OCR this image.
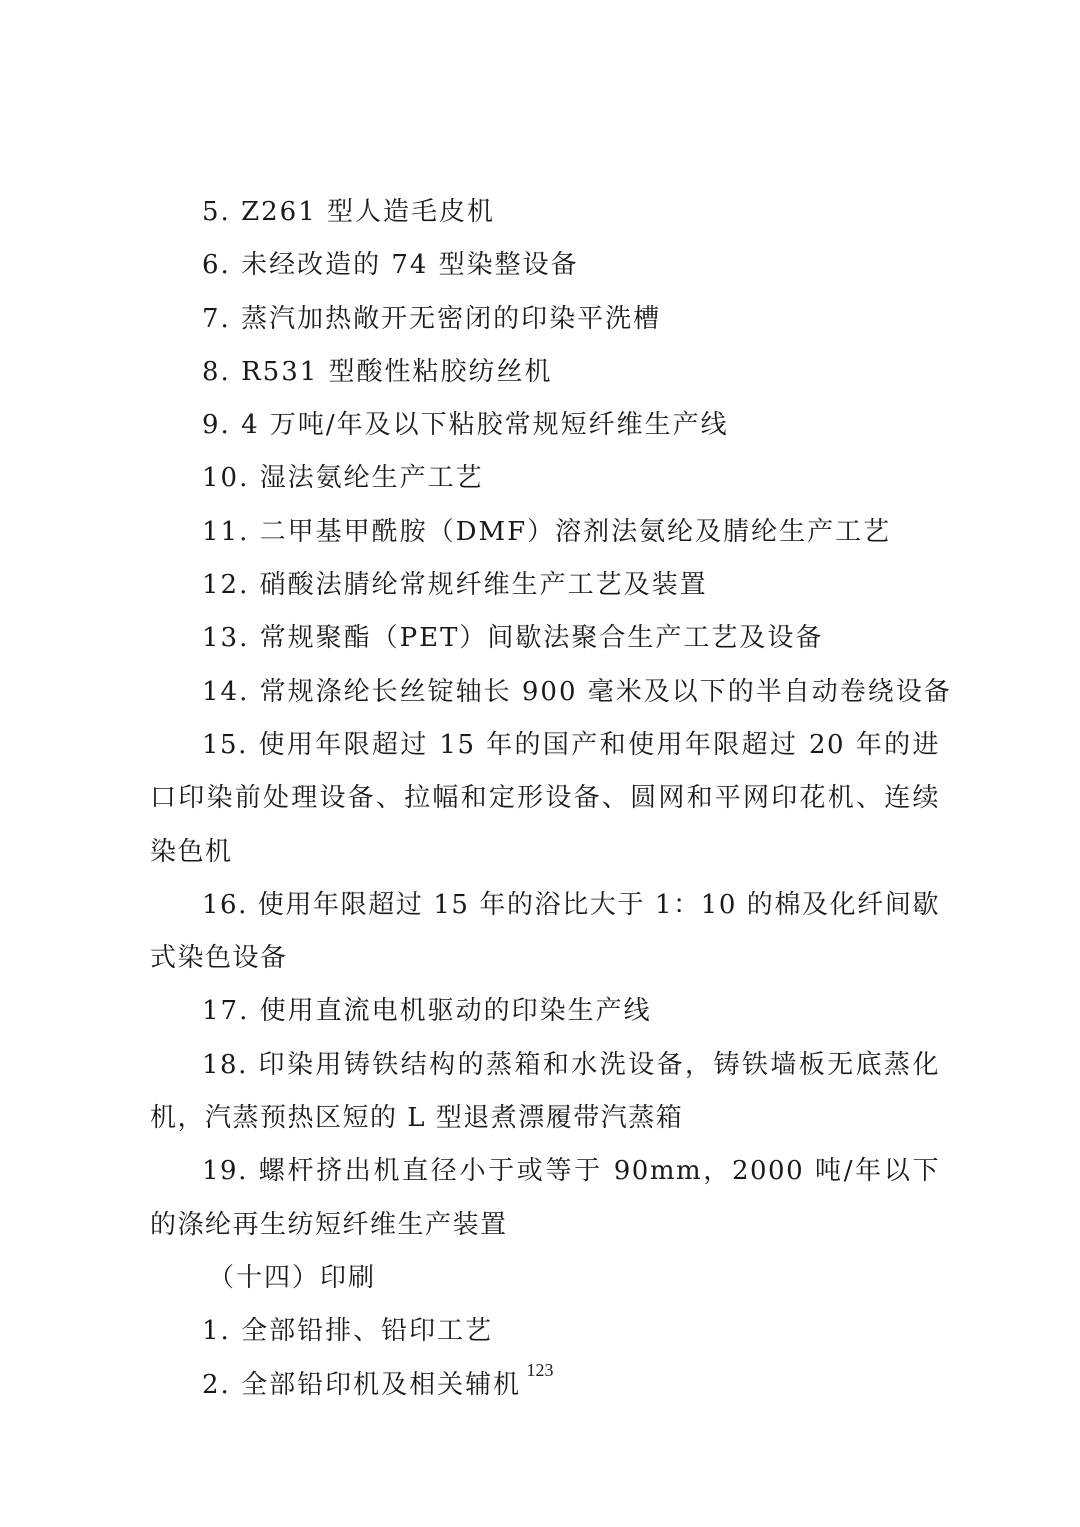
5. Z261 型人造毛皮机
6. 未经改造的 74 型染整设备
7. 蒸汽加热敞开无密闭的印染平洗槽
8. R531 型酸性粘胶纺丝机
9. 4 万吨/年及以下粘胶常规短纤维生产线
10. 湿法氨纶生产工艺
11. 二甲基甲酰胺（DMF）溶剂法氨纶及腈纶生产工艺
12. 硝酸法腈纶常规纤维生产工艺及装置
13. 常规聚酯（PET）间歇法聚合生产工艺及设备
14. 常规涤纶长丝锭轴长 900 毫米及以下的半自动卷绕设备
15. 使用年限超过 15 年的国产和使用年限超过 20 年的进口印染前处理设备、拉幅和定形设备、圆网和平网印花机、连续染色机
16. 使用年限超过 15 年的浴比大于 1：10 的棉及化纤间歇式染色设备
17. 使用直流电机驱动的印染生产线
18. 印染用铸铁结构的蒸箱和水洗设备，铸铁墙板无底蒸化机，汽蒸预热区短的 L 型退煮漂履带汽蒸箱
19. 螺杆挤出机直径小于或等于 90mm，2000 吨/年以下的涤纶再生纺短纤维生产装置
（十四）印刷
1. 全部铅排、铅印工艺
2. 全部铅印机及相关辅机 123
